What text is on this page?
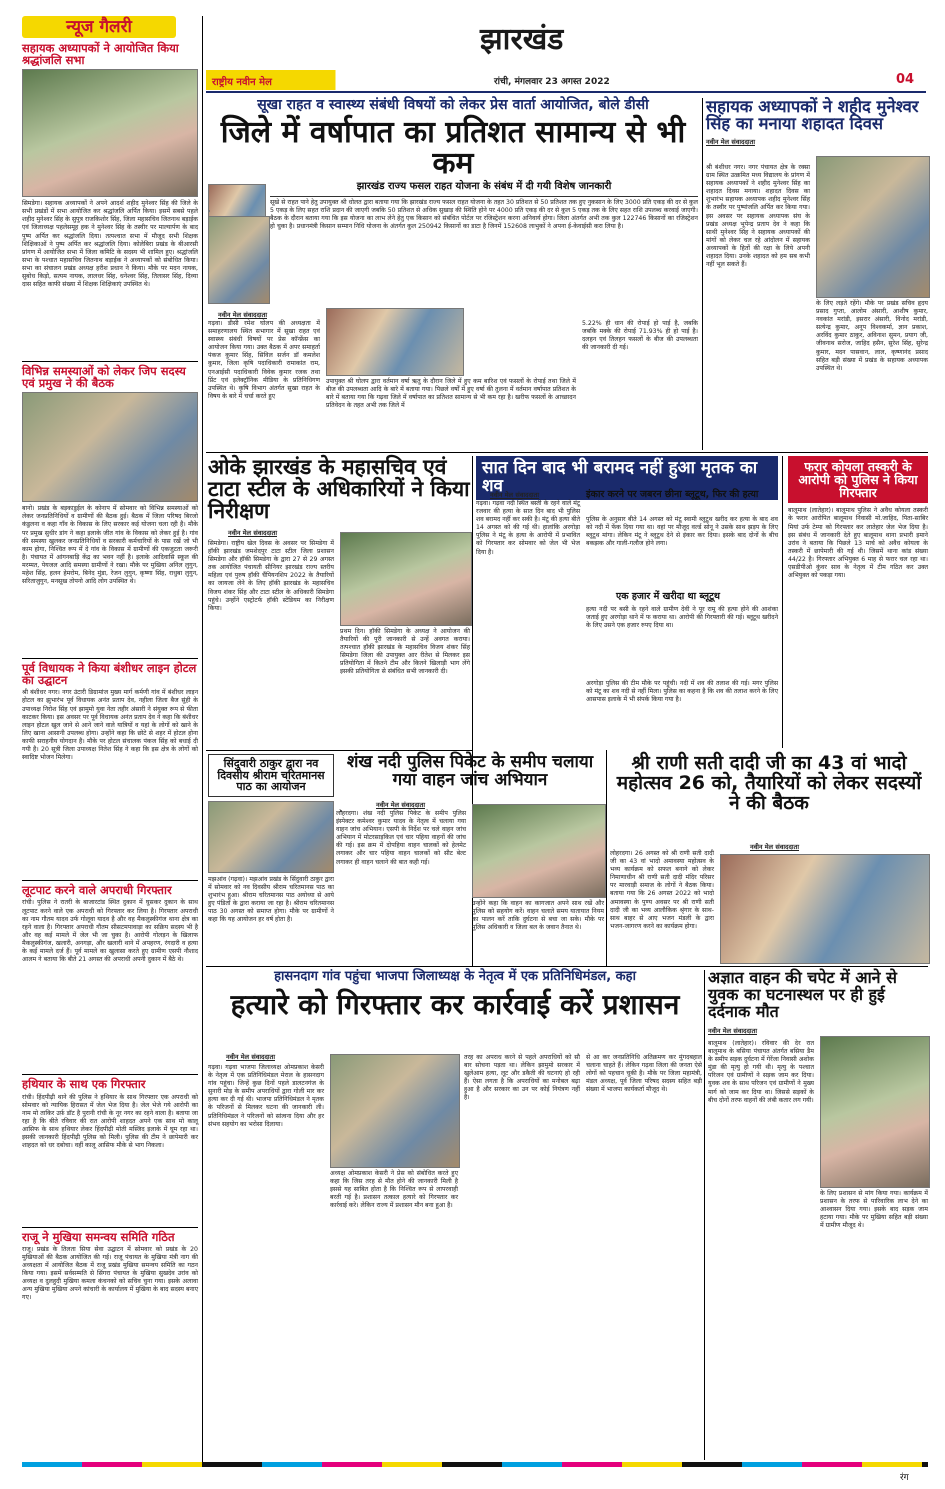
न्यूज गैलरी
सहायक अध्यापकों ने आयोजित किया श्रद्धांजलि सभा
सिमडेगा। सहायक अध्यापकों ने अपने आदर्श शहीद मुनेश्वर सिंह की जिले के सभी प्रखंडों में सभा आयोजित कर श्रद्धांजलि अर्पित किया। इसमें सबसे पहले शहीद मुनेश्वर सिंह के सुपुत्र राजकिशोर सिंह, जिला महासचिव जितनाथ बड़ाईक एवं जिलाध्यक्ष पहलेसमूह हक ने मुनेश्वर सिंह के तस्वीर पर माल्यार्पण के बाद पुष्प अर्पित कर श्रद्धांजलि दिया। तत्पश्चात सभा में मौजूद सभी शिक्षक शिक्षिकाओं ने पुष्प अर्पित कर श्रद्धांजलि दिया। कोलेबिरा प्रखंड के बीआरसी प्रांगण में आयोजित सभा में जिला कमिटि के सदस्य भी शामिल हुए। श्रद्धांजलि सभा के पश्चात महासचिव जितनाथ बड़ाईक ने अध्यापकों को संबोधित किया। सभा का संचालन प्रखंड अध्यक्ष हरीश प्रधान ने किया। मौके पर मदन नायक, सुबोध किड़ो, सत्यम नायक, लालधर सिंह, धनेश्वर सिंह, तिलासर सिंह, दिव्या दास सहित काफी संख्या में शिक्षक शिक्षिकाएं उपस्थित थे।
विभिन्न समस्याओं को लेकर जिप सदस्य एवं प्रमुख ने की बैठक
बानो। प्रखंड के बड़काडुईल के कोनाप में सोमवार को विभिन्न समस्याओं को लेकर जनप्रतिनिधियों व ग्रामीणों की बैठक हुई। बैठक में जिला परिषद बिरजो कंडुलना व कहा गाँव के विकास के लिए सरकार कई योजना चला रही है। मौके पर प्रमुख सुधीर डांग ने कहा इलाके जीत गांव के विकास को लेकर हुई है। गांव की समस्या खुलकर जनप्रतिनिधियों व सरकारी कर्मचारियों के पास रखें जो भी काम होगा, निश्चित रूप में दे गांव के विकास में ग्रामीणों की एकजुटता जरूरी है। पंचायत में आंगनबाड़ि केंद्र का भवन नहीं है। इलाके आदिवासि स्कूल की मरम्मत, पेयजल आदि समस्या ग्रामीणों ने रखा। मौके पर मुखिया अनिल लुगुन, महेश सिंह, हलन हेमरोम, बिनेद मुंडा, रेजन लुगुन, कृष्णा सिंह, राधुबा लुगुन, सरिताजुगुन, मनसूख तोपनो आदि लोग उपस्थित थे।
पूर्व विधायक ने किया बंशीधर लाइन होटल का उद्घाटन
श्री बंशीधर नगर। नगर उंटारी डिग्रामांज मुख्य मार्ग कर्मणी गांव में बंशीधर लाइन होटल का झुभारंभ पूर्व विधायक अनंत प्रताप देव, नहीला जिला बैज सुंही के उपाध्यक्ष निरोश सिंह एवं झामुमो युवा नेता तहीर अंसारी ने संयुक्त रूप से फीता काटकर किया। इस अवसर पर पूर्व विधायक अनंत प्रताप देव ने कहा कि बंशीधर लाइन होटल खुल जाने से आने जाने वाले यात्रियों व यहां के लोगों को खाने के लिए खाना आसानी उपलब्ध होगा। उन्होंने कहा कि छोटे से शहर में होटल होना काफी सराहनीय योगदान है। मौके पर होटल संचालक पंकज सिंह को बधाई दी गयी है। 20 सूत्री जिला उपाध्यक्ष नितेश सिंह ने कहा कि इस क्षेत्र के लोगों को स्वादिष्ट भोजन मिलेगा।
लूटपाट करने वाले अपराधी गिरफ्तार
रांची। पुलिस ने रातरी के बाजारटांड स्थित दुकान में घुसकर दुकान के साथ लूटपाट करने वाले एक अपराधी को गिरफ्तार कर लिया है। गिरफ्तार अपराधी का नाम गौतम यादव उर्फ गोलूवा यादव है और वह मैकलुस्कीगंज थाना क्षेत्र का रहने वाला है। गिरफ्तार अपराधी गौतम सीसटमपावाड़ा का सक्रिय सदस्य भी है और वह कई मामले में जेल भी जा चुका है। आरोपी गोलड़न के खिलाफ मैकलुस्कीगंज, खलारी, अनगड़ा, और खलारी थाने में अपहरण, रंगदारी व हत्या के कई मामले दर्ज हैं। पूर्व मामले का खुलासा करते हुए ग्रामीण एसपी नौशाद आलम ने बताया कि बीते 21 अगस्त की अपराधी अपनी दुकान में बैठे थे।
हथियार के साथ एक गिरफ्तार
रांची। हिंदपीढ़ी थाने की पुलिस ने हथियार के साथ गिरफ्तार एक अपराधी को सोमवार को न्यायिक हिरासत में जेल भेज दिया है। जेल भेजे गये आरोपी का नाम मो ताकिर उर्फ़ डॉट है पुरानी रांची के नूर नगर का रहने वाला है। बताया जा रहा है कि बीते रविवार की रात आरोपी शाहदत अपने एक साथ मो कालू आसिफ के साथ हथियार लेकर हिंदपीढ़ी मोती मस्जिद इलाके में घूम रहा था। इसकी जानकारी हिंदपीढ़ी पुलिस को मिली। पुलिस की टीम ने छापेमारी कर शाहदत को धर दबोचा। वहीं कालू आसिफ मौके से भाग निकला।
राजू ने मुखिया समन्वय समिति गठित
राजू। प्रखंड के तिलता सिया सेवा उद्घाटन में सोमवार को प्रखंड के 20 मुखियाओं की बैठक आयोजित की गई। राजू पंचायत के मुखिया मंत्री नाग की अध्यक्षता में आयोजित बैठक में राजू प्रखंड मुखिया समन्वय समिति का गठन किया गया। इसमें सर्वसम्मति से सिंगरा पंचायत के मुखिया सुखदेव उरांव को अध्यक्ष व दुलहुदी मुखिया कमला कंचनको को सचिव चुना गया। इसके अलावा अन्य मुखिया मुखिया अपने कांचारी के कार्यालय में मुखिया के बाद सदस्य बनाए गए।
झारखंड
राष्ट्रीय नवीन मेल	रांची, मंगलवार 23 अगस्त 2022	04
सूखा राहत व स्वास्थ्य संबंधी विषयों को लेकर प्रेस वार्ता आयोजित, बोले डीसी
जिले में वर्षापात का प्रतिशत सामान्य से भी कम
झारखंड राज्य फसल राहत योजना के संबंध में दी गयी विशेष जानकारी
सूखे से राहत पाने हेतु उपायुक्त श्री धोलत द्वारा बताया गया कि झारखंड राज्य फसल राहत योजना के तहत 30 प्रतिशत से 50 प्रतिशत तक हुए नुकसान के लिए 3000 प्रति एकड़ की दर से कुल 5 एकड़ के लिए सहत राशि प्रदान की जाएगी जबकि 50 प्रतिशत से अधिक सुखाड़ की स्थिति होने पर 4000 प्रति एकड़ की दर से कुल 5 एकड़ तक के लिए सहत राशि उपलब्ध करवाई जाएगी। बैठक के दौरान बताया गया कि इस योजना का लाभ लेने हेतु एक किसान को संबंधित पोर्टल पर रजिस्ट्रेशन करना अनिवार्य होगा। जिला अंतर्गत अभी तक कुल 122746 किसानों का रजिस्ट्रेशन हो चुका है। प्रधानमंत्री किसान सम्मान निधि योजना के अंतर्गत कुल 250942 किसानों का डाटा है जिनमें 152608 लाभुकों ने अपना ई-केवाईसी करा लिया है।
नवीन मेल संवाददाता
गढ़वा। डीसी रमेश घोलप की अध्यक्षता में समाहरणालय स्थित सभागार में सूखा राहत एवं स्वास्थ्य संबंधी विषयों पर प्रेस कॉन्फ्रेंस का आयोजन किया गया। उक्त बैठक में अपर समाहर्ता पंकज कुमार सिंह, सिविल सर्जन डॉ कमलेश कुमार, जिला कृषि पदाधिकारी रामाकांत राम, एनआईसी पदाधिकारी विवेक कुमार रजक तथा प्रिंट एवं इलेक्ट्रॉनिक मीडिया के प्रतिनिधिगण उपस्थित थे। कृषि विभाग अंतर्गत सुखा राहत के विषय के बारे में चर्चा करते हुए
उपायुक्त श्री घोलप द्वारा वर्तमान वर्षा ऋतु के दौरान जिले में हुए कम बारिश एवं फसलों के रोपाई तथा जिले में बीज की उपलब्धता आदि के बारे में बताया गया। पिछले वर्षों में हुए वर्षा की तुलना में वर्तमान वर्षापात प्रतिशत के बारे में बताया गया कि गढ़वा जिले में वर्षापात का प्रतिशत सामान्य से भी कम रहा है। खरीफ फसलों के आच्छादन प्रतिवेदन के तहत अभी तक जिले में
5.22% ही धान की रोपाई हो पाई है, जबकि जबकि मक्के की रोपाई 71.93% ही हो पाई है। दलहन एवं तिलहन फसलों के बीज की उपलब्धता की जानकारी दी गई।
सहायक अध्यापकों ने शहीद मुनेश्वर सिंह का मनाया शहादत दिवस
नवीन मेल संवाददाता
श्री बंशीधर नगर। नगर पंचायत क्षेत्र के रक्सा ग्राम स्थित उत्क्रमित मध्य विद्यालय के प्रांगण में सहायक अध्यापकों ने शहीद मुनेश्वर सिंह का शहादत दिवस मनाया। शहादत दिवस का शुभारंभ सहायक अध्यापक शहीद मुनेश्वर सिंह के तस्वीर पर पुष्पांजलि अर्पित कर किया गया। इस अवसर पर सहायक अध्यापक संघ के प्रखंड अध्यक्ष भूपेन्द्र प्रताप देव ने कहा कि साथी मुनेश्वर सिंह ने सहायक अध्यापकों की मांगों को लेकर चल रहे आंदोलन में सहायक अध्यापकों के हितों की रक्षा के लिये अपनी शहादत दिया। उनके शहादत को हम सब कभी नहीं भूल सकते हैं।
के लिए लड़ते रहेंगे। मौके पर प्रखंड सचिव हृदय प्रसाद गुप्ता, आलोम अंसारी, आशीष कुमार, नवकांत मरांडी, इसरार अंसारी, विनोद मरांडी, सत्येन्द्र कुमार, अनूप विश्वकर्मा, ज्ञान प्रकाश, अरविंद कुमार ठाकुर, अविनाश सुमन, प्रयाग जी, जीवनाथ सरोज, जाहिद हसैन, सुरेश सिंह, सुरेन्द्र कुमार, मदन पासवान, लाल, कृष्णानंद प्रसाद सहित बड़ी संख्या में प्रखंड के सहायक अध्यापक उपस्थित थे।
ओके झारखंड के महासचिव एवं टाटा स्टील के अधिकारियों ने किया निरीक्षण
नवीन मेल संवाददाता
सिमडेगा। राष्ट्रीय खेल दिवस के अवसर पर सिमडेगा में हॉकी झारखंड जमशेदपुर टाटा स्टील जिला प्रशासन सिमडेगा और हॉकी सिमडेगा के द्वारा 27 से 29 अगस्त तक आयोजित पंचायती सीनियर झारखंड राज्य स्तरीय महिला एवं पुरुष हॉकी चैंपियनशिप 2022 के तैयारियों का जायजा लेने के लिए हॉकी झारखंड के महासचिव विजय शंकर सिंह और टाटा स्टील के अधिकारी सिमडेगा पहुंचे। उन्होंने एस्ट्रोटर्फ हॉकी स्टेडियम का निरीक्षण किया।
प्रथम दिन। हॉकी सिमडेगा के अध्यक्ष ने आयोजन की तैयारियों की पूरी जानकारी से उन्हें अवगत कराया। तत्पश्चात हॉकी झारखंड के महासचिव विजय शंकर सिंह सिमडेगा जिला की उपायुक्त आर रीतेश से मिलकर इस प्रतियोगिता में कितने टीम और कितने खिलाड़ी भाग लेंगे इसकी प्रतियोगिता से संबंधित सभी जानकारी दी।
सात दिन बाद भी बरामद नहीं हुआ मृतक का शव
नवीन मेल संवाददाता
गढ़वा। गढ़वा नदी स्थित बस्ती के रहने वाले मंटू रजवार की हत्या के सात दिन बाद भी पुलिस शव बरामद नहीं कर सकी है। मंटू की हत्या बीते 14 अगस्त को की गई थी। हालांकि अरगोड़ा पुलिस ने मंटू के हत्या के आरोपी में प्रभावित को गिरफ्तार कर सोमवार को जेल भी भेज दिया है।
इंकार करने पर जबरन छीना ब्लूटूथ, फिर की हत्या
पुलिस के अनुसार बीते 14 अगस्त को मंटू स्वामी ब्लूटूथ खरीद कर हत्या के बाद शव को नदी में फेंक दिया गया था। वहां पर मौजूद वर्ल्ड सोनू ने उसके साथ झड़प के लिए ब्लूटूथ मांगा। लेकिन मंटू ने ब्लूटूथ देने से इंकार कर दिया। इसके बाद दोनों के बीच बकझक और गाली-गलौज होने लगा।
एक हजार में खरीदा था ब्लूटूथ
हत्या नदी पर बसी के रहने वाले ग्रामीण देवी ने पूर रामू की हत्या होने की आशंका जताई हुए अरगोड़ा थाने में फ कराया था। आरोपी की गिरफ्तारी की गई। ब्लूटूथ खरीदने के लिए उसने एक हजार रुपए दिया था।
अरगोड़ा पुलिस की टीम मौके पर पहुंची। नदी में शव की तलाश की गई। मगर पुलिस को मंटू का शव नदी से नहीं मिला। पुलिस का कहना है कि शव की तलाश करने के लिए आसपास इलाके में भी संपर्क किया गया है।
फरार कोयला तस्करी के आरोपी को पुलिस ने किया गिरफ्तार
बालूमाथ (लातेहार)। बालूमाथ पुलिस ने अवैध कोयला तस्करी के फरार आरोपित बालूमाथ निवासी मो.जाहिद, पिता-साबिर मियां उर्फ टेम्पा को गिरफ्तार कर लातेहार जेल भेज दिया है। इस संबंध में जानकारी देते हुए बालूमाथ थाना प्रभारी इमाने उरांव ने बताया कि पिछले 13 मार्च को अवैध कोयला के तस्करी में छापेमारी की गई थी। जिसमें थाना कांड संख्या 44/22 है। गिरफ्तार अभियुक्त 6 माह से फरार चल रहा था। एसडीपीओ कुंवर साव के नेतृत्व में टीम गठित कर उक्त अभियुक्त को पकड़ा गया।
सिंदुवारी ठाकुर द्वारा नव दिवसीय श्रीराम चरितमानस पाठ का आयोजन
मझआंव (गढ़वा)। मझआंव प्रखंड के सिंदुवारी ठाकुर द्वारा में सोमवार को नव दिवसीय श्रीराम चरितमानस पाठ का शुभारंभ हुआ। श्रीराम चरितमानस पाठ अयोध्या से आये हुए पंडितों के द्वारा कराया जा रहा है। श्रीराम चरितमानस पाठ 30 अगस्त को समाप्त होगा। मौके पर ग्रामीणों ने कहा कि यह आयोजन हर वर्ष होता है।
शंख नदी पुलिस पिकेट के समीप चलाया गया वाहन जांच अभियान
नवीन मेल संवाददाता
लोहरदगा। शंख नदी पुलिस पिकेट के समीप पुलिस इंस्पेक्टर कमेश्वर कुमार यादव के नेतृत्व में चलाया गया वाहन जांच अभियान। एसपी के निर्देश पर चले वाहन जांच अभियान में मोटरसाइकिल एवं चार पहिया वाहनों की जांच की गई। इस क्रम में दोपहिया वाहन चालकों को हेलमेट लगाकर और चार पहिया वाहन चालकों को सीट बेल्ट लगाकर ही वाहन चलाने की बात कही गई।
उन्होंने कहा कि वाहन का कागजात अपने साथ रखें और पुलिस को सहयोग करें। वाहन चलाते समय यातायात नियम का पालन करें ताकि दुर्घटना से बचा जा सके। मौके पर पुलिस अधिकारी व जिला बल के जवान तैनात थे।
श्री राणी सती दादी जी का 43 वां भादो महोत्सव 26 को, तैयारियों को लेकर सदस्यों ने की बैठक
नवीन मेल संवाददाता
लोहरदगा। 26 अगस्त को श्री राणी सती दादी जी का 43 वां भादो अमावस्या महोत्सव के भव्य कार्यक्रम को सफल बनाने को लेकर निमाणाधीन श्री राणी सती दादी मंदिर परिसर पर मारवाड़ी समाज के लोगों ने बैठक किया। बताया गया कि 26 अगस्त 2022 को भादो अमावस्या के पुण्य अवसर पर श्री राणी सती दादी जी का भव्य आलौकिक श्रृंगार के साथ-साथ बाहर से आए भजन मंडली के द्वारा भजन-जागरण करने का कार्यक्रम होगा।
हासनदाग गांव पहुंचा भाजपा जिलाध्यक्ष के नेतृत्व में एक प्रतिनिधिमंडल, कहा
हत्यारे को गिरफ्तार कर कार्रवाई करें प्रशासन
नवीन मेल संवाददाता
गढ़वा। गढ़वा भाजपा जिलाध्यक्ष ओमप्रकाश केसरी के नेतृत्व में एक प्रतिनिधिमंडल मेराल के हासनदाग गांव पहुंचा। जिन्हें कुछ दिनों पहले डालटनगंज के सुनारी मोड़ के समीप अपराधियों द्वारा गोली मार कर हत्या कर दी गई थी। भाजपा प्रतिनिधिमंडल ने मृतक के परिजनों से मिलकर घटना की जानकारी ली। प्रतिनिधिमंडल ने परिजनों को सांत्वना दिया और हर संभव सहयोग का भरोसा दिलाया।
अध्यक्ष ओमप्रकाश केसरी ने प्रेस को संबोधित करते हुए कहा कि जिस तरह से मौत होने की जानकारी मिली है इससे यह साबित होता है कि निश्चित रूप से लापरवाही बरती गई है। प्रशासन तत्काल हत्यारे को गिरफ्तार कर कार्रवाई करे। लेकिन राज्य में प्रशासन मौन बना हुआ है।
तरह का अपराध करने से पहले अपराधियों को सौ बार सोचना पड़ता था। लेकिन झामुमो सरकार में खुलेआम हत्या, लूट और डकैती की घटनाएं हो रही हैं। ऐसा लगता है कि अपराधियों का मनोबल बढ़ा हुआ है और सरकार का उन पर कोई नियंत्रण नहीं है।
से आ कर जनप्रतिनिधि अतिक्रमण कर मुंगदबहाल चलाना चाहते हैं। लेकिन गढ़वा जिला की जनता ऐसे लोगों को पहचान चुकी है। मौके पर जिला महामंत्री, मंडल अध्यक्ष, पूर्व जिला परिषद सदस्य सहित बड़ी संख्या में भाजपा कार्यकर्ता मौजूद थे।
अज्ञात वाहन की चपेट में आने से युवक का घटनास्थल पर ही हुई दर्दनाक मौत
नवीन मेल संवाददाता
बालूमाथ (लातेहार)। रविवार की देर रात बालूमाथ के बसिया पंचायत अंतर्गत बसिया डैम के समीप सड़क दुर्घटना में गेरेंजा निवासी अशोक मुंडा की मृत्यु हो गयी थी। मृत्यु के पश्चात परिजन एवं ग्रामीणों ने सड़क जाम कर दिया। युवक शव के साथ परिजन एवं ग्रामीणों ने मुख्य मार्ग को जाम कर दिया था। जिससे सड़कों के बीच दोनों तरफ वाहनों की लंबी कतार लग गयी।
के लिए प्रशासन से मांग किया गया। कार्यक्रम में प्रशासन के तरफ से पारिवारिक लाभ देने का आश्वासन दिया गया। इसके बाद सड़क जाम हटाया गया। मौके पर मुखिया सहित बड़ी संख्या में ग्रामीण मौजूद थे।
रंग
